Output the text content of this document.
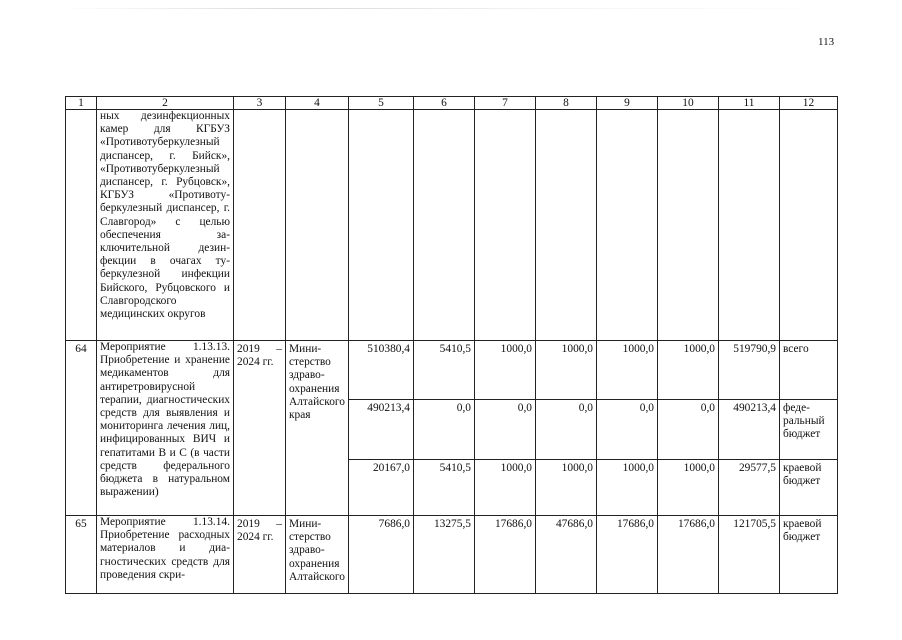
113
1	2	3	4	5	6	7	8	9	10	11	12
	ных дезинфекционных камер для КГБУЗ «Противотуберкулезный диспансер, г. Бийск», «Противотуберкулезный диспансер, г. Рубцовск», КГБУЗ «Противотуберкулезный диспансер, г. Славгород» с целью обеспечения заключительной дезинфекции в очагах туберкулезной инфекции Бийского, Рубцовского и Славгородского медицинских округов										
64	Мероприятие 1.13.13. Приобретение и хранение медикаментов для антиретровирусной терапии, диагностических средств для выявления и мониторинга лечения лиц, инфицированных ВИЧ и гепатитами В и С (в части средств федерального бюджета в натуральном выражении)	2019 – 2024 гг.	Министерство здравоохранения Алтайского края	510380,4	5410,5	1000,0	1000,0	1000,0	1000,0	519790,9	всего
				490213,4	0,0	0,0	0,0	0,0	0,0	490213,4	федеральный бюджет
				20167,0	5410,5	1000,0	1000,0	1000,0	1000,0	29577,5	краевой бюджет
65	Мероприятие 1.13.14. Приобретение расходных материалов и диагностических средств для проведения скри-	2019 – 2024 гг.	Министерство здравоохранения Алтайского	7686,0	13275,5	17686,0	47686,0	17686,0	17686,0	121705,5	краевой бюджет
